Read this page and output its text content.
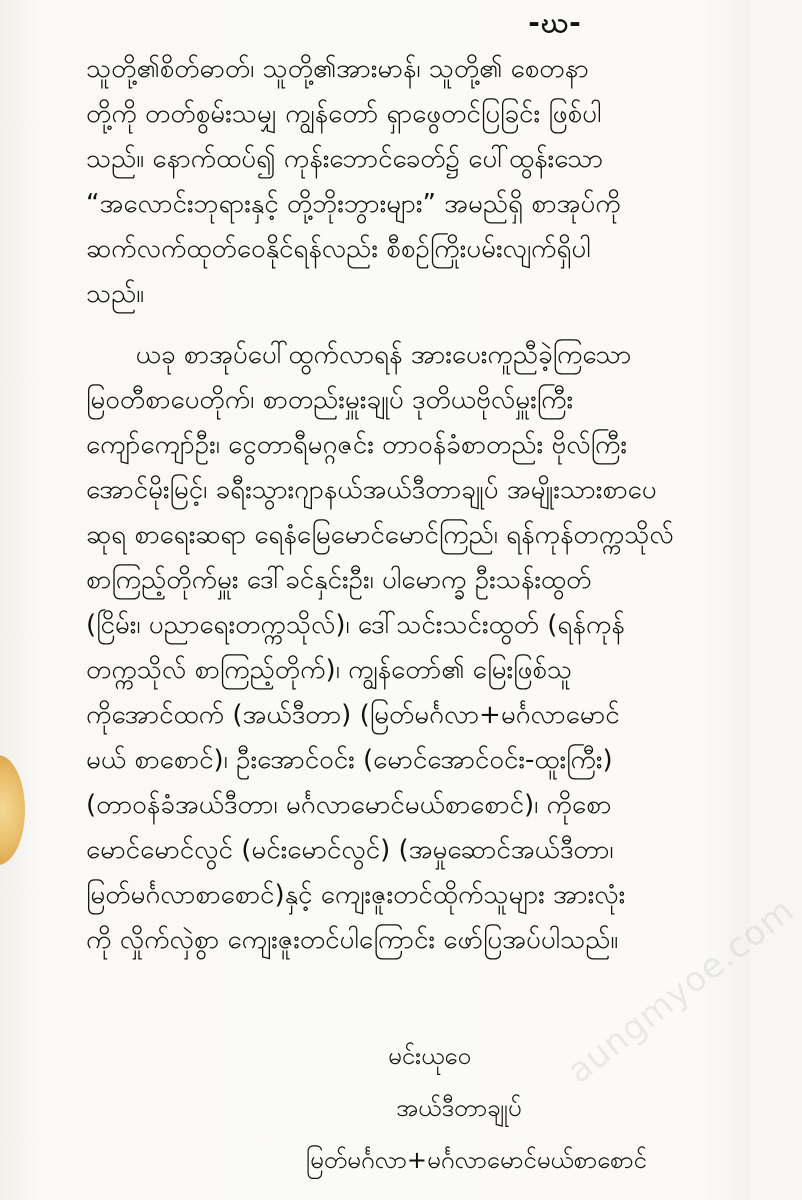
-ဃ-
သူတို့၏စိတ်ဓာတ်၊ သူတို့၏အားမာန်၊ သူတို့၏ စေတနာ
တို့ကို တတ်စွမ်းသမျှ ကျွန်တော် ရှာဖွေတင်ပြခြင်း ဖြစ်ပါ
သည်။ နောက်ထပ်၍ ကုန်းဘောင်ခေတ်၌ ပေါ်ထွန်းသော
“အလောင်းဘုရားနှင့် တို့ဘိုးဘွားများ” အမည်ရှိ စာအုပ်ကို
ဆက်လက်ထုတ်ဝေနိုင်ရန်လည်း စီစဉ်ကြိုးပမ်းလျက်ရှိပါ
သည်။
ယခု စာအုပ်ပေါ်ထွက်လာရန် အားပေးကူညီခဲ့ကြသော
မြဝတီစာပေတိုက်၊ စာတည်းမှူးချုပ် ဒုတိယဗိုလ်မှူးကြီး
ကျော်ကျော်ဦး၊ ငွေတာရီမဂ္ဂဇင်း တာဝန်ခံစာတည်း ဗိုလ်ကြီး
အောင်မိုးမြင့်၊ ခရီးသွားဂျာနယ်အယ်ဒီတာချုပ် အမျိုးသားစာပေ
ဆုရ စာရေးဆရာ ရေနံမြေမောင်မောင်ကြည်၊ ရန်ကုန်တက္ကသိုလ်
စာကြည့်တိုက်မှူး ဒေါ်ခင်နှင်းဦး၊ ပါမောက္ခ ဦးသန်းထွတ်
(ငြိမ်း၊ ပညာရေးတက္ကသိုလ်)၊ ဒေါ်သင်းသင်းထွတ် (ရန်ကုန်
တက္ကသိုလ် စာကြည့်တိုက်)၊ ကျွန်တော်၏ မြေးဖြစ်သူ
ကိုအောင်ထက် (အယ်ဒီတာ) (မြတ်မင်္ဂလာ+မင်္ဂလာမောင်
မယ် စာစောင်)၊ ဦးအောင်ဝင်း (မောင်အောင်ဝင်း-ထူးကြီး)
(တာဝန်ခံအယ်ဒီတာ၊ မင်္ဂလာမောင်မယ်စာစောင်)၊ ကိုစော
မောင်မောင်လွင် (မင်းမောင်လွင်) (အမှုဆောင်အယ်ဒီတာ၊
မြတ်မင်္ဂလာစာစောင်)နှင့် ကျေးဇူးတင်ထိုက်သူများ အားလုံး
ကို လှိုက်လှဲစွာ ကျေးဇူးတင်ပါကြောင်း ဖော်ပြအပ်ပါသည်။
မင်းယုဝေ
အယ်ဒီတာချုပ်
မြတ်မင်္ဂလာ+မင်္ဂလာမောင်မယ်စာစောင်
aungmyoe.com
